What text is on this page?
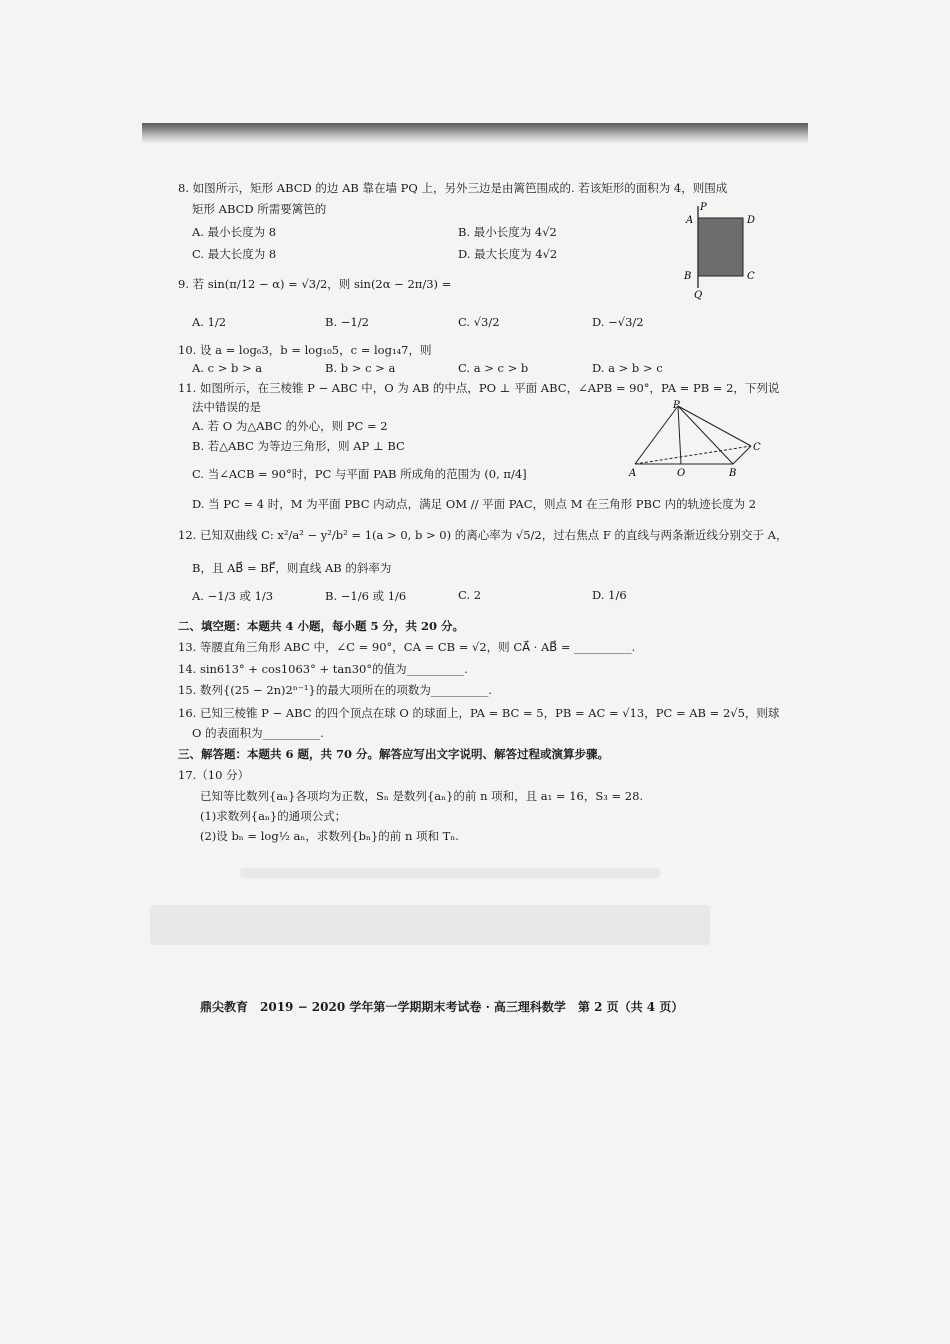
8. 如图所示，矩形 ABCD 的边 AB 靠在墙 PQ 上，另外三边是由篱笆围成的. 若该矩形的面积为 4，则围成
矩形 ABCD 所需要篱笆的
A. 最小长度为 8	B. 最小长度为 4√2
C. 最大长度为 8	D. 最大长度为 4√2
P
A	D
B	C
Q
9. 若 sin(π/12 − α) = √3/2，则 sin(2α − 2π/3) =
A. 1/2	B. −1/2	C. √3/2	D. −√3/2
10. 设 a = log₆3，b = log₁₀5，c = log₁₄7，则
A. c > b > a	B. b > c > a	C. a > c > b	D. a > b > c
11. 如图所示，在三棱锥 P − ABC 中，O 为 AB 的中点，PO ⊥ 平面 ABC，∠APB = 90°，PA = PB = 2，下列说
法中错误的是
A. 若 O 为△ABC 的外心，则 PC = 2
B. 若△ABC 为等边三角形，则 AP ⊥ BC
C. 当∠ACB = 90°时，PC 与平面 PAB 所成角的范围为 (0, π/4]
D. 当 PC = 4 时，M 为平面 PBC 内动点，满足 OM // 平面 PAC，则点 M 在三角形 PBC 内的轨迹长度为 2
P
A	O	B
C
12. 已知双曲线 C: x²/a² − y²/b² = 1(a > 0, b > 0) 的离心率为 √5/2，过右焦点 F 的直线与两条渐近线分别交于 A，
B，且 AB⃗ = BF⃗，则直线 AB 的斜率为
A. −1/3 或 1/3	B. −1/6 或 1/6	C. 2	D. 1/6
二、填空题：本题共 4 小题，每小题 5 分，共 20 分。
13. 等腰直角三角形 ABC 中，∠C = 90°，CA = CB = √2，则 CA⃗ · AB⃗ = __________.
14. sin613° + cos1063° + tan30°的值为__________.
15. 数列{(25 − 2n)2ⁿ⁻¹}的最大项所在的项数为__________.
16. 已知三棱锥 P − ABC 的四个顶点在球 O 的球面上，PA = BC = 5，PB = AC = √13，PC = AB = 2√5，则球
O 的表面积为__________.
三、解答题：本题共 6 题，共 70 分。解答应写出文字说明、解答过程或演算步骤。
17.（10 分）
已知等比数列{aₙ}各项均为正数，Sₙ 是数列{aₙ}的前 n 项和，且 a₁ = 16，S₃ = 28.
(1)求数列{aₙ}的通项公式；
(2)设 bₙ = log½ aₙ，求数列{bₙ}的前 n 项和 Tₙ.
鼎尖教育　2019 − 2020 学年第一学期期末考试卷 · 高三理科数学　第 2 页（共 4 页）
